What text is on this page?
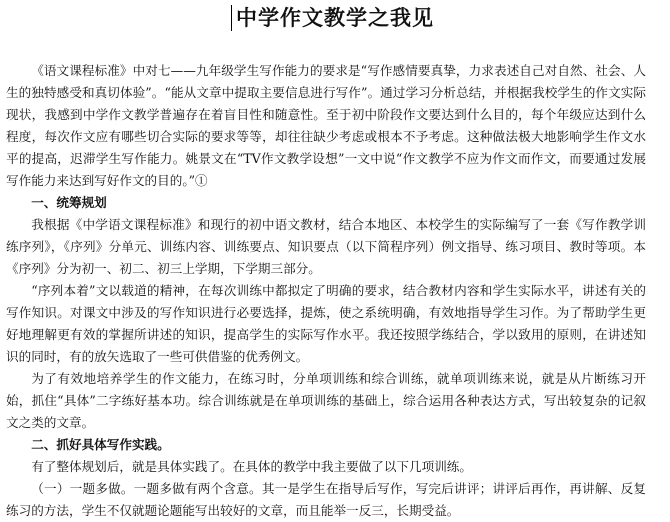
中学作文教学之我见

《语文课程标准》中对七——九年级学生写作能力的要求是“写作感情要真挚，力求表述自己对自然、社会、人生的独特感受和真切体验”。“能从文章中提取主要信息进行写作”。通过学习分析总结，并根据我校学生的作文实际现状，我感到中学作文教学普遍存在着盲目性和随意性。至于初中阶段作文要达到什么目的，每个年级应达到什么程度，每次作文应有哪些切合实际的要求等等，却往往缺少考虑或根本不予考虑。这种做法极大地影响学生作文水平的提高，迟滞学生写作能力。姚景文在“TV作文教学设想”一文中说“作文教学不应为作文而作文，而要通过发展写作能力来达到写好作文的目的。”①

一、统筹规划

我根据《中学语文课程标准》和现行的初中语文教材，结合本地区、本校学生的实际编写了一套《写作教学训练序列》，《序列》分单元、训练内容、训练要点、知识要点（以下简程序列）例文指导、练习项目、教时等项。本《序列》分为初一、初二、初三上学期，下学期三部分。

“序列本着”文以载道的精神，在每次训练中都拟定了明确的要求，结合教材内容和学生实际水平，讲述有关的写作知识。对课文中涉及的写作知识进行必要选择，提炼，使之系统明确，有效地指导学生习作。为了帮助学生更好地理解更有效的掌握所讲述的知识，提高学生的实际写作水平。我还按照学练结合，学以致用的原则，在讲述知识的同时，有的放矢选取了一些可供借鉴的优秀例文。

为了有效地培养学生的作文能力，在练习时，分单项训练和综合训练，就单项训练来说，就是从片断练习开始，抓住“具体”二字练好基本功。综合训练就是在单项训练的基础上，综合运用各种表达方式，写出较复杂的记叙文之类的文章。

二、抓好具体写作实践。

有了整体规划后，就是具体实践了。在具体的教学中我主要做了以下几项训练。

（一）一题多做。一题多做有两个含意。其一是学生在指导后写作，写完后讲评；讲评后再作，再讲解、反复练习的方法，学生不仅就题论题能写出较好的文章，而且能举一反三，长期受益。
